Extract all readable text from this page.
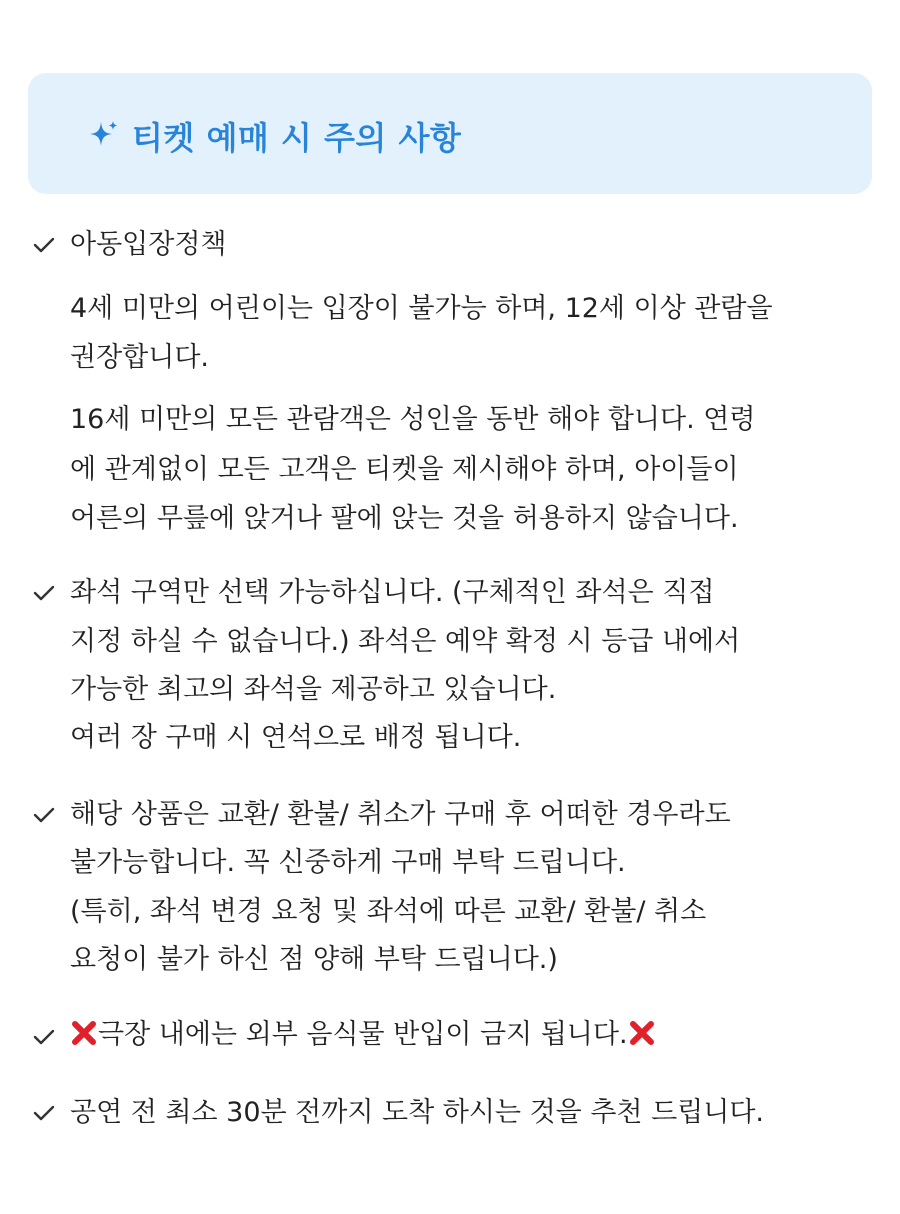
티켓 예매 시 주의 사항
아동입장정책
4세 미만의 어린이는 입장이 불가능 하며, 12세 이상 관람을
권장합니다.
16세 미만의 모든 관람객은 성인을 동반 해야 합니다. 연령
에 관계없이 모든 고객은 티켓을 제시해야 하며, 아이들이
어른의 무릎에 앉거나 팔에 앉는 것을 허용하지 않습니다.
좌석 구역만 선택 가능하십니다. (구체적인 좌석은 직접
지정 하실 수 없습니다.) 좌석은 예약 확정 시 등급 내에서
가능한 최고의 좌석을 제공하고 있습니다.
여러 장 구매 시 연석으로 배정 됩니다.
해당 상품은 교환/ 환불/ 취소가 구매 후 어떠한 경우라도
불가능합니다. 꼭 신중하게 구매 부탁 드립니다.
(특히, 좌석 변경 요청 및 좌석에 따른 교환/ 환불/ 취소
요청이 불가 하신 점 양해 부탁 드립니다.)
극장 내에는 외부 음식물 반입이 금지 됩니다.
공연 전 최소 30분 전까지 도착 하시는 것을 추천 드립니다.
